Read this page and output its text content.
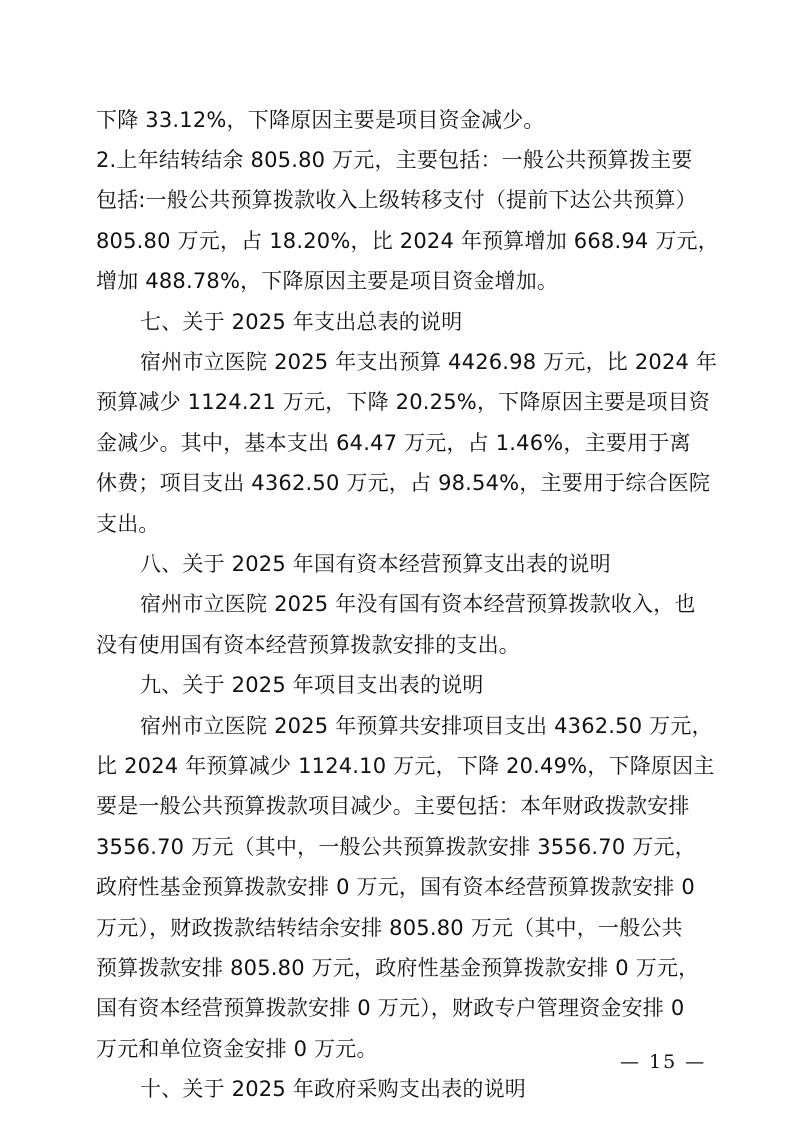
下降 33.12%，下降原因主要是项目资金减少。
2.上年结转结余 805.80 万元，主要包括：一般公共预算拨主要
包括:一般公共预算拨款收入上级转移支付（提前下达公共预算）
805.80 万元，占 18.20%，比 2024 年预算增加 668.94 万元，
增加 488.78%，下降原因主要是项目资金增加。
七、关于 2025 年支出总表的说明
宿州市立医院 2025 年支出预算 4426.98 万元，比 2024 年
预算减少 1124.21 万元，下降 20.25%，下降原因主要是项目资
金减少。其中，基本支出 64.47 万元，占 1.46%，主要用于离
休费；项目支出 4362.50 万元，占 98.54%，主要用于综合医院
支出。
八、关于 2025 年国有资本经营预算支出表的说明
宿州市立医院 2025 年没有国有资本经营预算拨款收入，也
没有使用国有资本经营预算拨款安排的支出。
九、关于 2025 年项目支出表的说明
宿州市立医院 2025 年预算共安排项目支出 4362.50 万元，
比 2024 年预算减少 1124.10 万元，下降 20.49%，下降原因主
要是一般公共预算拨款项目减少。主要包括：本年财政拨款安排
3556.70 万元（其中，一般公共预算拨款安排 3556.70 万元，
政府性基金预算拨款安排 0 万元，国有资本经营预算拨款安排 0
万元），财政拨款结转结余安排 805.80 万元（其中，一般公共
预算拨款安排 805.80 万元，政府性基金预算拨款安排 0 万元，
国有资本经营预算拨款安排 0 万元），财政专户管理资金安排 0
万元和单位资金安排 0 万元。
十、关于 2025 年政府采购支出表的说明
— 15 —
